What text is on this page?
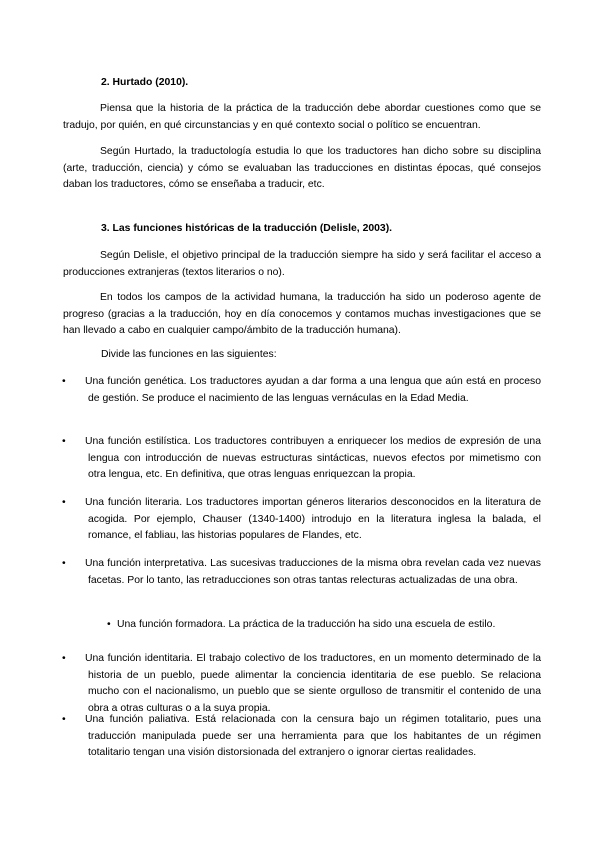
2. Hurtado (2010).

Piensa que la historia de la práctica de la traducción debe abordar cuestiones como que se tradujo, por quién, en qué circunstancias y en qué contexto social o político se encuentran.

Según Hurtado, la traductología estudia lo que los traductores han dicho sobre su disciplina (arte, traducción, ciencia) y cómo se evaluaban las traducciones en distintas épocas, qué consejos daban los traductores, cómo se enseñaba a traducir, etc.

3. Las funciones históricas de la traducción (Delisle, 2003).

Según Delisle, el objetivo principal de la traducción siempre ha sido y será facilitar el acceso a producciones extranjeras (textos literarios o no).

En todos los campos de la actividad humana, la traducción ha sido un poderoso agente de progreso (gracias a la traducción, hoy en día conocemos y contamos muchas investigaciones que se han llevado a cabo en cualquier campo/ámbito de la traducción humana).

Divide las funciones en las siguientes:

• Una función genética. Los traductores ayudan a dar forma a una lengua que aún está en proceso de gestión. Se produce el nacimiento de las lenguas vernáculas en la Edad Media.
• Una función estilística. Los traductores contribuyen a enriquecer los medios de expresión de una lengua con introducción de nuevas estructuras sintácticas, nuevos efectos por mimetismo con otra lengua, etc. En definitiva, que otras lenguas enriquezcan la propia.
• Una función literaria. Los traductores importan géneros literarios desconocidos en la literatura de acogida. Por ejemplo, Chauser (1340-1400) introdujo en la literatura inglesa la balada, el romance, el fabliau, las historias populares de Flandes, etc.
• Una función interpretativa. Las sucesivas traducciones de la misma obra revelan cada vez nuevas facetas. Por lo tanto, las retraducciones son otras tantas relecturas actualizadas de una obra.
• Una función formadora. La práctica de la traducción ha sido una escuela de estilo.
• Una función identitaria. El trabajo colectivo de los traductores, en un momento determinado de la historia de un pueblo, puede alimentar la conciencia identitaria de ese pueblo. Se relaciona mucho con el nacionalismo, un pueblo que se siente orgulloso de transmitir el contenido de una obra a otras culturas o a la suya propia.
• Una función paliativa. Está relacionada con la censura bajo un régimen totalitario, pues una traducción manipulada puede ser una herramienta para que los habitantes de un régimen totalitario tengan una visión distorsionada del extranjero o ignorar ciertas realidades.
